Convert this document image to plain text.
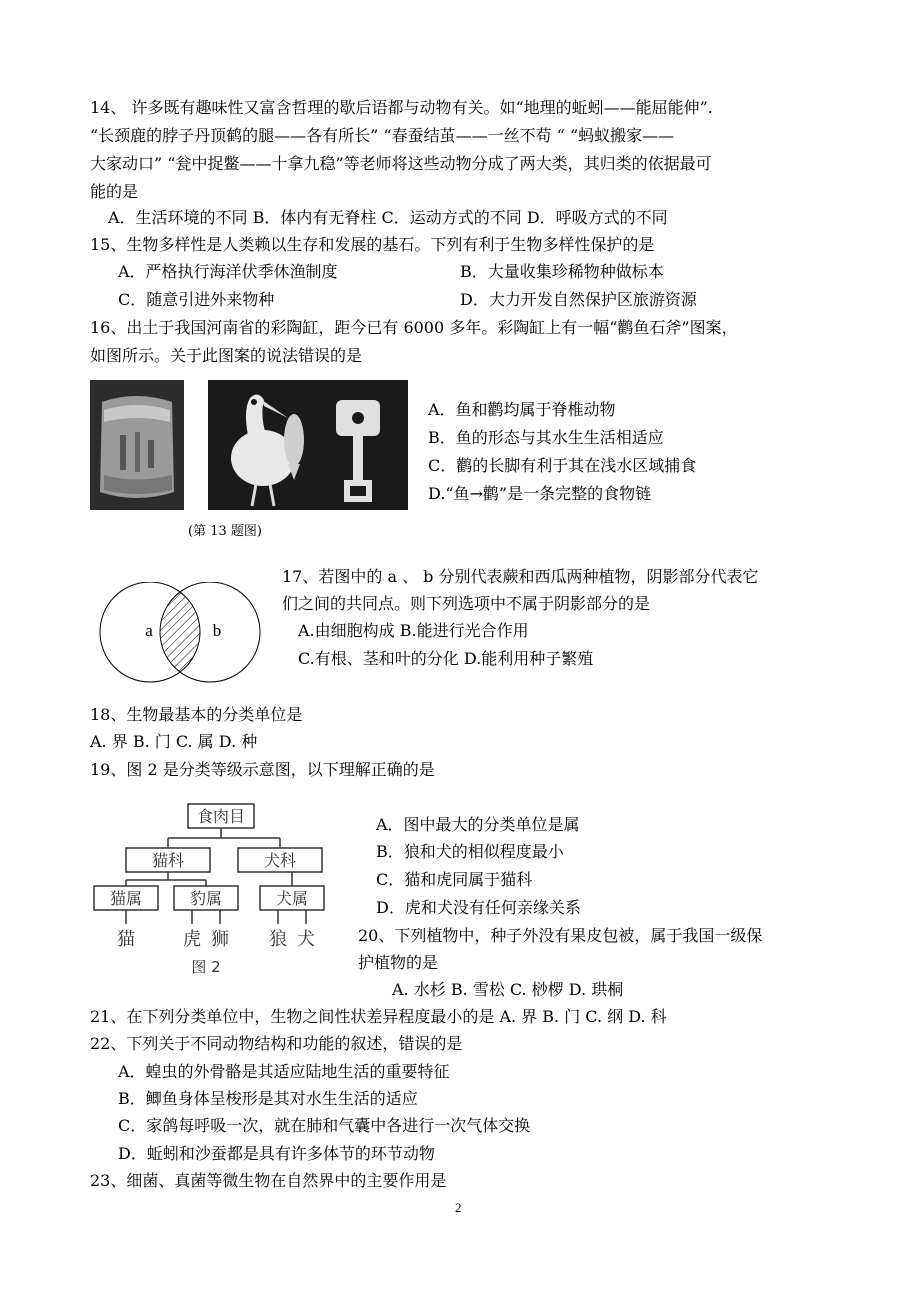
14、 许多既有趣味性又富含哲理的歇后语都与动物有关。如“地理的蚯蚓——能屈能伸”.
“长颈鹿的脖子丹顶鹤的腿——各有所长” “春蚕结茧——一丝不苟 “ “蚂蚁搬家——
大家动口” “瓮中捉鳖——十拿九稳”等老师将这些动物分成了两大类，其归类的依据最可
能的是
A．生活环境的不同 B．体内有无脊柱 C．运动方式的不同 D．呼吸方式的不同
15、生物多样性是人类赖以生存和发展的基石。下列有利于生物多样性保护的是
A．严格执行海洋伏季休渔制度	B．大量收集珍稀物种做标本
C．随意引进外来物种	D．大力开发自然保护区旅游资源
16、出土于我国河南省的彩陶缸，距今已有 6000 多年。彩陶缸上有一幅“鹳鱼石斧”图案，
如图所示。关于此图案的说法错误的是
A．鱼和鹳均属于脊椎动物
B．鱼的形态与其水生生活相适应
C．鹳的长脚有利于其在浅水区域捕食
D.“鱼→鹳”是一条完整的食物链
(第 13 题图)
a	b
17、若图中的 a 、 b 分别代表蕨和西瓜两种植物，阴影部分代表它
们之间的共同点。则下列选项中不属于阴影部分的是
A.由细胞构成 B.能进行光合作用
C.有根、茎和叶的分化 D.能利用种子繁殖
18、生物最基本的分类单位是
A. 界 B. 门 C. 属 D. 种
19、图 2 是分类等级示意图，以下理解正确的是
食肉目
猫科	犬科
猫属	豹属	犬属
猫	虎 狮 狼 犬
图 2
A．图中最大的分类单位是属
B．狼和犬的相似程度最小
C．猫和虎同属于猫科
D．虎和犬没有任何亲缘关系
20、下列植物中，种子外没有果皮包被，属于我国一级保
护植物的是
A. 水杉 B. 雪松 C. 桫椤 D. 珙桐
21、在下列分类单位中，生物之间性状差异程度最小的是 A. 界 B. 门 C. 纲 D. 科
22、下列关于不同动物结构和功能的叙述，错误的是
A．蝗虫的外骨骼是其适应陆地生活的重要特征
B．鲫鱼身体呈梭形是其对水生生活的适应
C．家鸽每呼吸一次，就在肺和气囊中各进行一次气体交换
D．蚯蚓和沙蚕都是具有许多体节的环节动物
23、细菌、真菌等微生物在自然界中的主要作用是
2
